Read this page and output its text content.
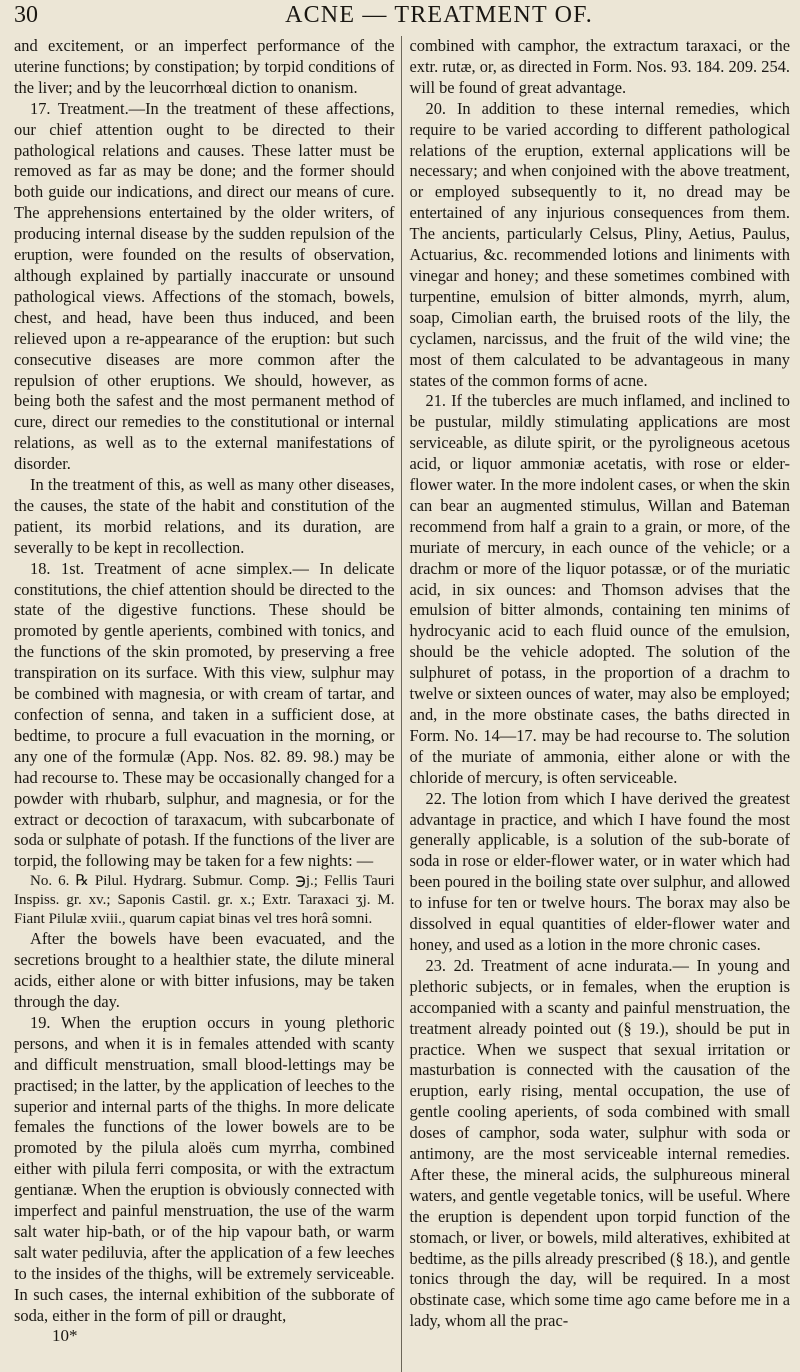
30	ACNE — TREATMENT OF.

and excitement, or an imperfect performance of the uterine functions; by constipation; by torpid conditions of the liver; and by the leucorrhœal diction to onanism.

17. Treatment.—In the treatment of these affections, our chief attention ought to be directed to their pathological relations and causes. These latter must be removed as far as may be done; and the former should both guide our indications, and direct our means of cure. The apprehensions entertained by the older writers, of producing internal disease by the sudden repulsion of the eruption, were founded on the results of observation, although explained by partially inaccurate or unsound pathological views. Affections of the stomach, bowels, chest, and head, have been thus induced, and been relieved upon a re-appearance of the eruption: but such consecutive diseases are more common after the repulsion of other eruptions. We should, however, as being both the safest and the most permanent method of cure, direct our remedies to the constitutional or internal relations, as well as to the external manifestations of disorder.

In the treatment of this, as well as many other diseases, the causes, the state of the habit and constitution of the patient, its morbid relations, and its duration, are severally to be kept in recollection.

18. 1st. Treatment of acne simplex.— In delicate constitutions, the chief attention should be directed to the state of the digestive functions. These should be promoted by gentle aperients, combined with tonics, and the functions of the skin promoted, by preserving a free transpiration on its surface. With this view, sulphur may be combined with magnesia, or with cream of tartar, and confection of senna, and taken in a sufficient dose, at bedtime, to procure a full evacuation in the morning, or any one of the formulæ (App. Nos. 82. 89. 98.) may be had recourse to. These may be occasionally changed for a powder with rhubarb, sulphur, and magnesia, or for the extract or decoction of taraxacum, with subcarbonate of soda or sulphate of potash. If the functions of the liver are torpid, the following may be taken for a few nights: —

No. 6. ℞ Pilul. Hydrarg. Submur. Comp. ℈j.; Fellis Tauri Inspiss. gr. xv.; Saponis Castil. gr. x.; Extr. Taraxaci ʒj. M. Fiant Pilulæ xviii., quarum capiat binas vel tres horâ somni.

After the bowels have been evacuated, and the secretions brought to a healthier state, the dilute mineral acids, either alone or with bitter infusions, may be taken through the day.

19. When the eruption occurs in young plethoric persons, and when it is in females attended with scanty and difficult menstruation, small blood-lettings may be practised; in the latter, by the application of leeches to the superior and internal parts of the thighs. In more delicate females the functions of the lower bowels are to be promoted by the pilula aloës cum myrrha, combined either with pilula ferri composita, or with the extractum gentianæ. When the eruption is obviously connected with imperfect and painful menstruation, the use of the warm salt water hip-bath, or of the hip vapour bath, or warm salt water pediluvia, after the application of a few leeches to the insides of the thighs, will be extremely serviceable. In such cases, the internal exhibition of the subborate of soda, either in the form of pill or draught,

10*

combined with camphor, the extractum taraxaci, or the extr. rutæ, or, as directed in Form. Nos. 93. 184. 209. 254. will be found of great advantage.

20. In addition to these internal remedies, which require to be varied according to different pathological relations of the eruption, external applications will be necessary; and when conjoined with the above treatment, or employed subsequently to it, no dread may be entertained of any injurious consequences from them. The ancients, particularly Celsus, Pliny, Aetius, Paulus, Actuarius, &c. recommended lotions and liniments with vinegar and honey; and these sometimes combined with turpentine, emulsion of bitter almonds, myrrh, alum, soap, Cimolian earth, the bruised roots of the lily, the cyclamen, narcissus, and the fruit of the wild vine; the most of them calculated to be advantageous in many states of the common forms of acne.

21. If the tubercles are much inflamed, and inclined to be pustular, mildly stimulating applications are most serviceable, as dilute spirit, or the pyroligneous acetous acid, or liquor ammoniæ acetatis, with rose or elder-flower water. In the more indolent cases, or when the skin can bear an augmented stimulus, Willan and Bateman recommend from half a grain to a grain, or more, of the muriate of mercury, in each ounce of the vehicle; or a drachm or more of the liquor potassæ, or of the muriatic acid, in six ounces: and Thomson advises that the emulsion of bitter almonds, containing ten minims of hydrocyanic acid to each fluid ounce of the emulsion, should be the vehicle adopted. The solution of the sulphuret of potass, in the proportion of a drachm to twelve or sixteen ounces of water, may also be employed; and, in the more obstinate cases, the baths directed in Form. No. 14—17. may be had recourse to. The solution of the muriate of ammonia, either alone or with the chloride of mercury, is often serviceable.

22. The lotion from which I have derived the greatest advantage in practice, and which I have found the most generally applicable, is a solution of the sub-borate of soda in rose or elder-flower water, or in water which had been poured in the boiling state over sulphur, and allowed to infuse for ten or twelve hours. The borax may also be dissolved in equal quantities of elder-flower water and honey, and used as a lotion in the more chronic cases.

23. 2d. Treatment of acne indurata.— In young and plethoric subjects, or in females, when the eruption is accompanied with a scanty and painful menstruation, the treatment already pointed out (§ 19.), should be put in practice. When we suspect that sexual irritation or masturbation is connected with the causation of the eruption, early rising, mental occupation, the use of gentle cooling aperients, of soda combined with small doses of camphor, soda water, sulphur with soda or antimony, are the most serviceable internal remedies. After these, the mineral acids, the sulphureous mineral waters, and gentle vegetable tonics, will be useful. Where the eruption is dependent upon torpid function of the stomach, or liver, or bowels, mild alteratives, exhibited at bedtime, as the pills already prescribed (§ 18.), and gentle tonics through the day, will be required. In a most obstinate case, which some time ago came before me in a lady, whom all the prac-
